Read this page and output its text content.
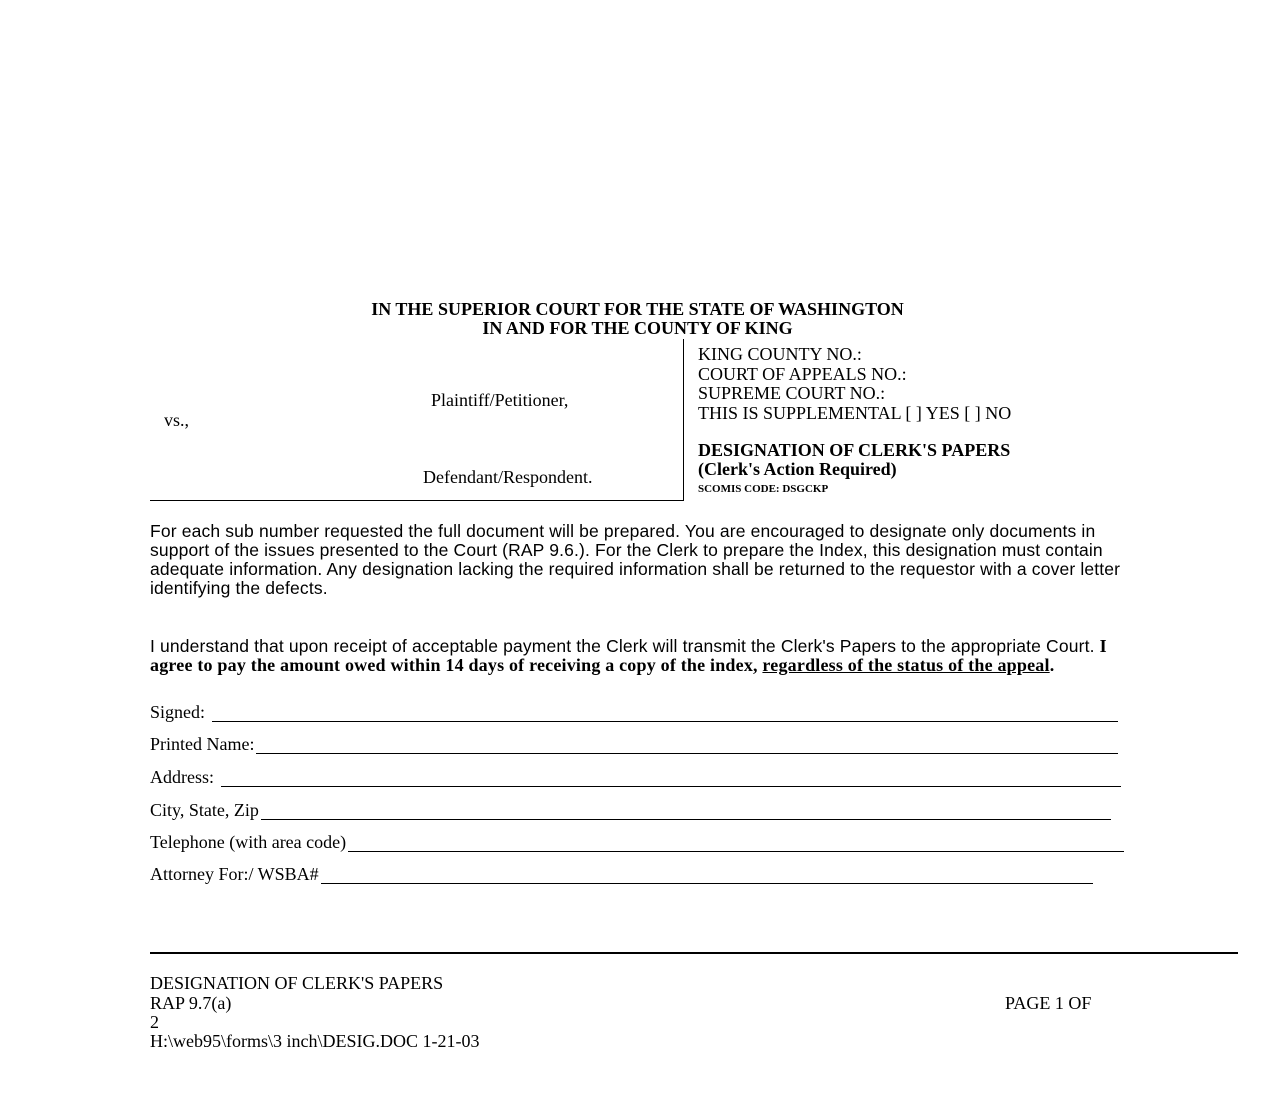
IN THE SUPERIOR COURT FOR THE STATE OF WASHINGTON
IN AND FOR THE COUNTY OF KING
Plaintiff/Petitioner,
vs.,
Defendant/Respondent.
KING COUNTY NO.:
COURT OF APPEALS NO.:
SUPREME COURT NO.:
THIS IS SUPPLEMENTAL [ ] YES [ ] NO
DESIGNATION OF CLERK'S PAPERS
(Clerk's Action Required)
SCOMIS CODE: DSGCKP
For each sub number requested the full document will be prepared. You are encouraged to designate only documents in support of the issues presented to the Court (RAP 9.6.). For the Clerk to prepare the Index, this designation must contain adequate information. Any designation lacking the required information shall be returned to the requestor with a cover letter identifying the defects.
I understand that upon receipt of acceptable payment the Clerk will transmit the Clerk's Papers to the appropriate Court. I agree to pay the amount owed within 14 days of receiving a copy of the index, regardless of the status of the appeal.
Signed:
Printed Name:
Address:
City, State, Zip
Telephone (with area code)
Attorney For:/ WSBA#
DESIGNATION OF CLERK'S PAPERS
RAP 9.7(a)	PAGE 1 OF
2
H:\web95\forms\3 inch\DESIG.DOC 1-21-03
